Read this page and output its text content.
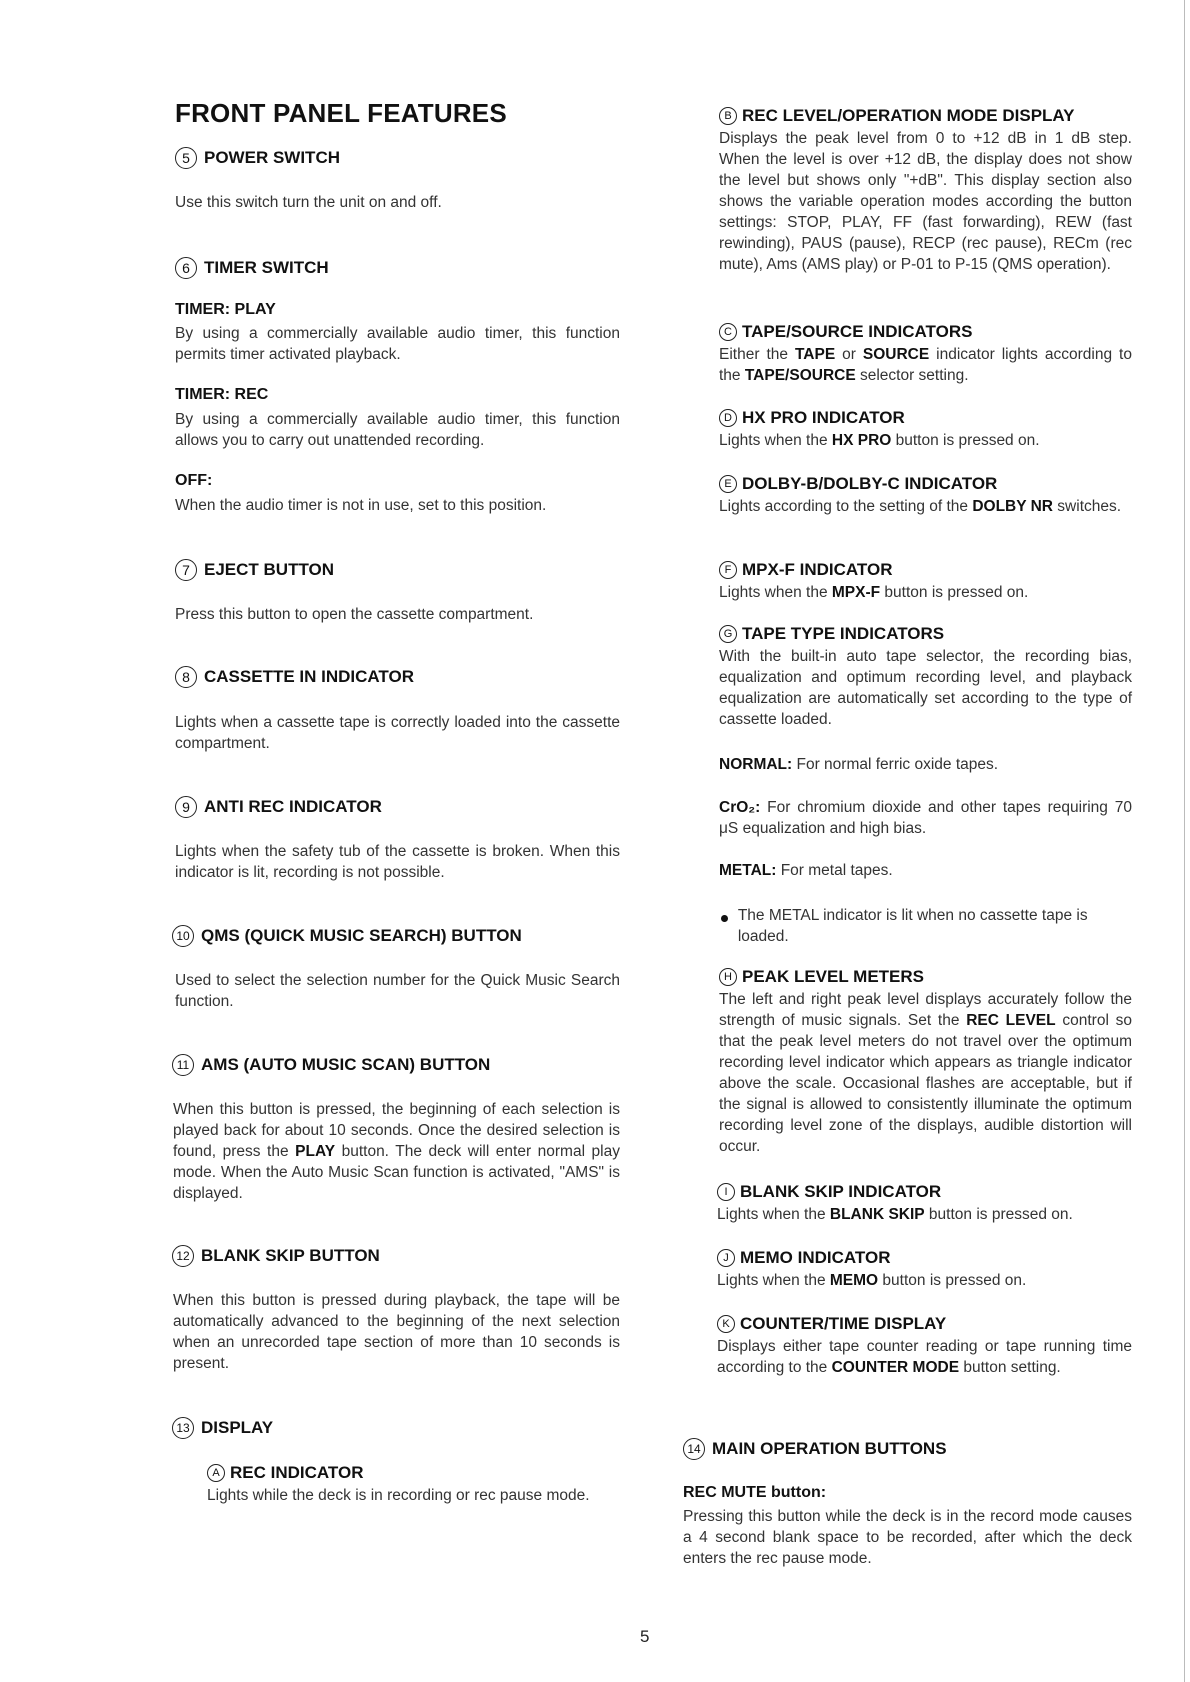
FRONT PANEL FEATURES
5 POWER SWITCH
Use this switch turn the unit on and off.
6 TIMER SWITCH
TIMER: PLAY
By using a commercially available audio timer, this function permits timer activated playback.
TIMER: REC
By using a commercially available audio timer, this function allows you to carry out unattended recording.
OFF:
When the audio timer is not in use, set to this position.
7 EJECT BUTTON
Press this button to open the cassette compartment.
8 CASSETTE IN INDICATOR
Lights when a cassette tape is correctly loaded into the cassette compartment.
9 ANTI REC INDICATOR
Lights when the safety tub of the cassette is broken. When this indicator is lit, recording is not possible.
10 QMS (QUICK MUSIC SEARCH) BUTTON
Used to select the selection number for the Quick Music Search function.
11 AMS (AUTO MUSIC SCAN) BUTTON
When this button is pressed, the beginning of each selection is played back for about 10 seconds. Once the desired selection is found, press the PLAY button. The deck will enter normal play mode. When the Auto Music Scan function is activated, "AMS" is displayed.
12 BLANK SKIP BUTTON
When this button is pressed during playback, the tape will be automatically advanced to the beginning of the next selection when an unrecorded tape section of more than 10 seconds is present.
13 DISPLAY
A REC INDICATOR
Lights while the deck is in recording or rec pause mode.
B REC LEVEL/OPERATION MODE DISPLAY
Displays the peak level from 0 to +12 dB in 1 dB step. When the level is over +12 dB, the display does not show the level but shows only "+dB". This display section also shows the variable operation modes according the button settings: STOP, PLAY, FF (fast forwarding), REW (fast rewinding), PAUS (pause), RECP (rec pause), RECm (rec mute), Ams (AMS play) or P-01 to P-15 (QMS operation).
C TAPE/SOURCE INDICATORS
Either the TAPE or SOURCE indicator lights according to the TAPE/SOURCE selector setting.
D HX PRO INDICATOR
Lights when the HX PRO button is pressed on.
E DOLBY-B/DOLBY-C INDICATOR
Lights according to the setting of the DOLBY NR switches.
F MPX-F INDICATOR
Lights when the MPX-F button is pressed on.
G TAPE TYPE INDICATORS
With the built-in auto tape selector, the recording bias, equalization and optimum recording level, and playback equalization are automatically set according to the type of cassette loaded.
NORMAL: For normal ferric oxide tapes.
CrO₂: For chromium dioxide and other tapes requiring 70 μS equalization and high bias.
METAL: For metal tapes.
The METAL indicator is lit when no cassette tape is loaded.
H PEAK LEVEL METERS
The left and right peak level displays accurately follow the strength of music signals. Set the REC LEVEL control so that the peak level meters do not travel over the optimum recording level indicator which appears as triangle indicator above the scale. Occasional flashes are acceptable, but if the signal is allowed to consistently illuminate the optimum recording level zone of the displays, audible distortion will occur.
I BLANK SKIP INDICATOR
Lights when the BLANK SKIP button is pressed on.
J MEMO INDICATOR
Lights when the MEMO button is pressed on.
K COUNTER/TIME DISPLAY
Displays either tape counter reading or tape running time according to the COUNTER MODE button setting.
14 MAIN OPERATION BUTTONS
REC MUTE button:
Pressing this button while the deck is in the record mode causes a 4 second blank space to be recorded, after which the deck enters the rec pause mode.
5
